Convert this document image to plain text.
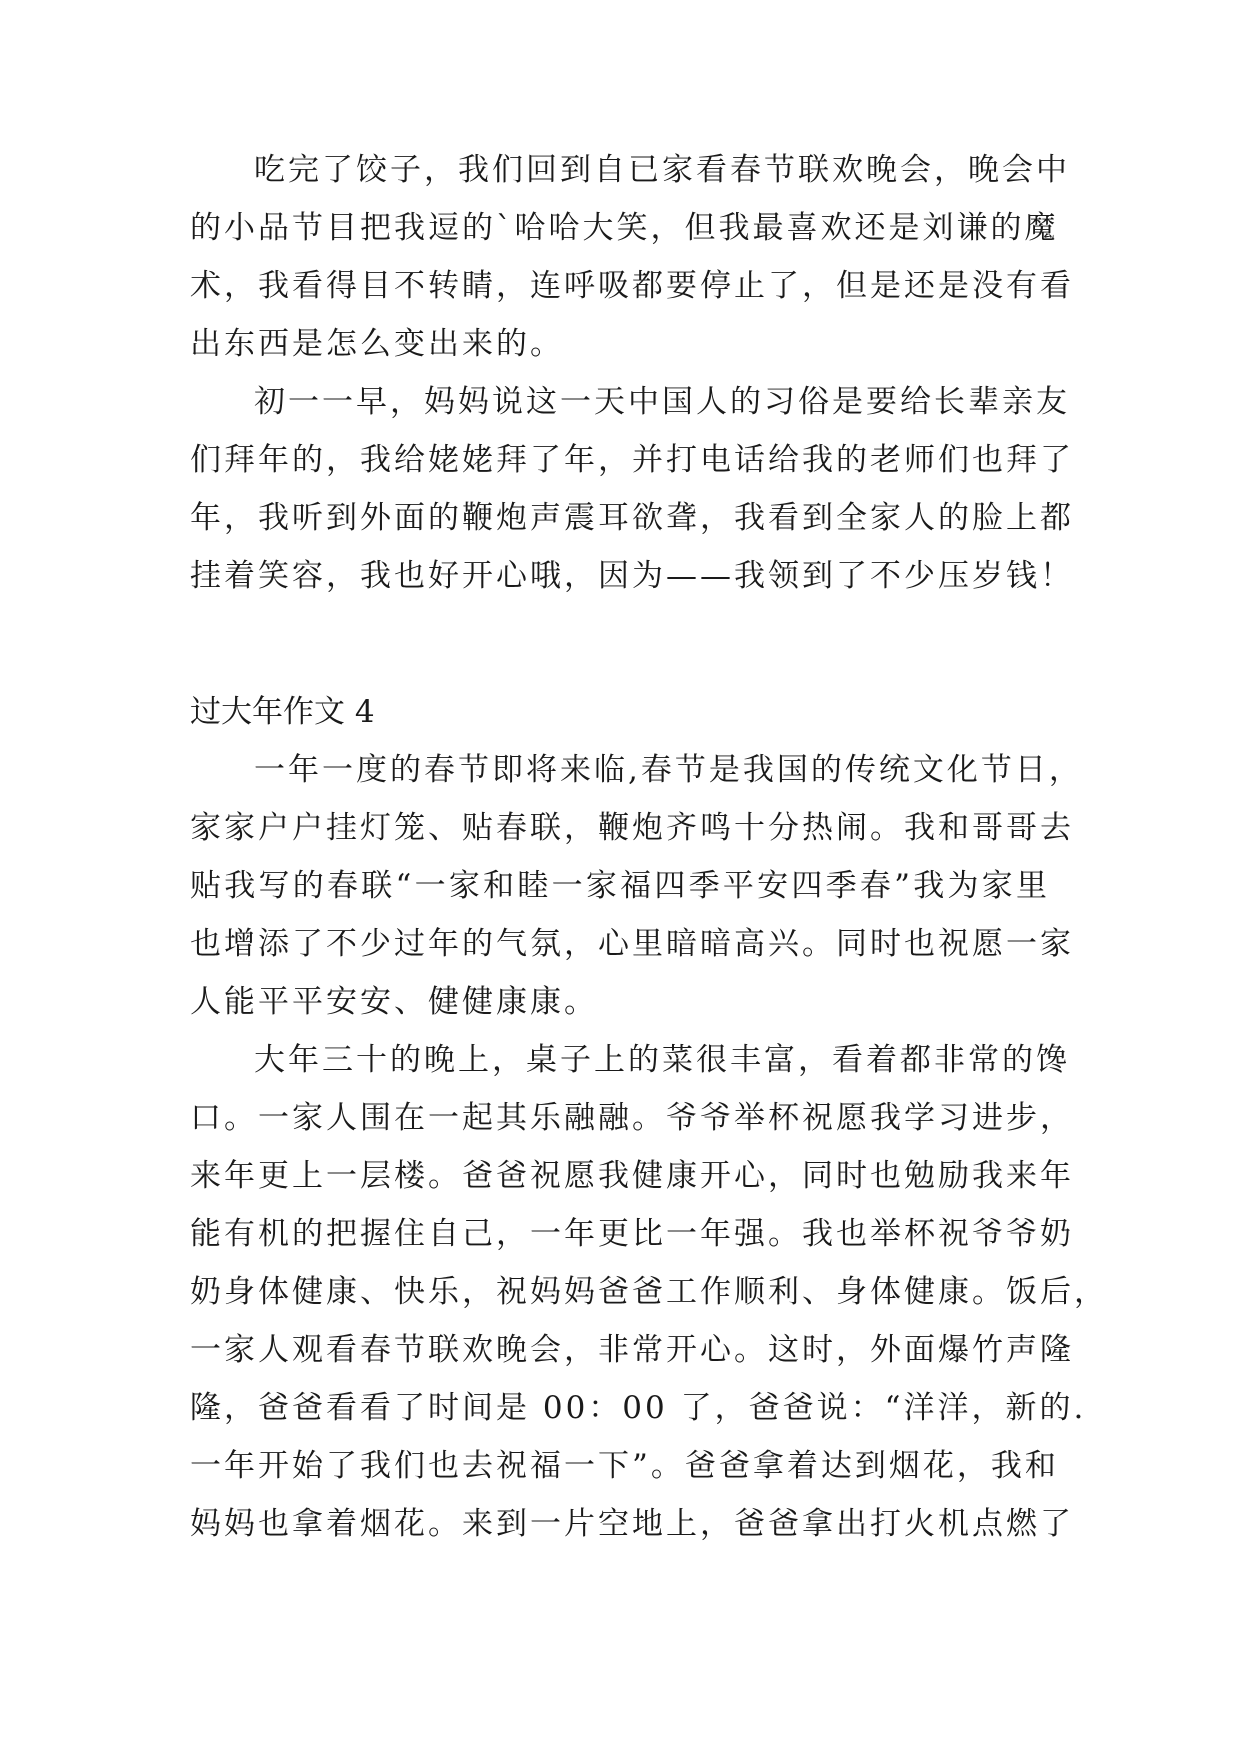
吃完了饺子，我们回到自已家看春节联欢晚会，晚会中
的小品节目把我逗的`哈哈大笑，但我最喜欢还是刘谦的魔
术，我看得目不转睛，连呼吸都要停止了，但是还是没有看
出东西是怎么变出来的。
初一一早，妈妈说这一天中国人的习俗是要给长辈亲友
们拜年的，我给姥姥拜了年，并打电话给我的老师们也拜了
年，我听到外面的鞭炮声震耳欲聋，我看到全家人的脸上都
挂着笑容，我也好开心哦，因为——我领到了不少压岁钱！
过大年作文 4
一年一度的春节即将来临,春节是我国的传统文化节日，
家家户户挂灯笼、贴春联，鞭炮齐鸣十分热闹。我和哥哥去
贴我写的春联“一家和睦一家福四季平安四季春”我为家里
也增添了不少过年的气氛，心里暗暗高兴。同时也祝愿一家
人能平平安安、健健康康。
大年三十的晚上，桌子上的菜很丰富，看着都非常的馋
口。一家人围在一起其乐融融。爷爷举杯祝愿我学习进步，
来年更上一层楼。爸爸祝愿我健康开心，同时也勉励我来年
能有机的把握住自己，一年更比一年强。我也举杯祝爷爷奶
奶身体健康、快乐，祝妈妈爸爸工作顺利、身体健康。饭后，
一家人观看春节联欢晚会，非常开心。这时，外面爆竹声隆
隆，爸爸看看了时间是 00：00 了，爸爸说：“洋洋，新的.
一年开始了我们也去祝福一下”。爸爸拿着达到烟花，我和
妈妈也拿着烟花。来到一片空地上，爸爸拿出打火机点燃了
